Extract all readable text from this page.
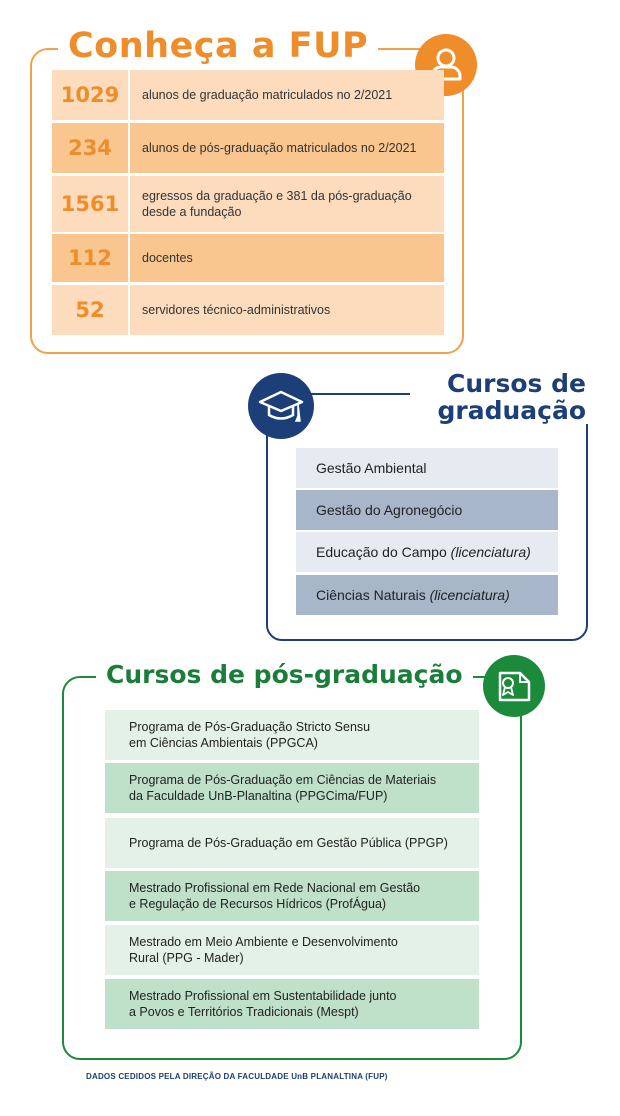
Conheça a FUP
1029	alunos de graduação matriculados no 2/2021
234	alunos de pós-graduação matriculados no 2/2021
1561	egressos da graduação e 381 da pós-graduação desde a fundação
112	docentes
52	servidores técnico-administrativos
Cursos de graduação
Gestão Ambiental
Gestão do Agronegócio
Educação do Campo
(licenciatura)
Ciências Naturais
(licenciatura)
Cursos de pós-graduação
Programa de Pós-Graduação Stricto Sensu
em Ciências Ambientais (PPGCA)
Programa de Pós-Graduação em Ciências de Materiais
da Faculdade UnB-Planaltina (PPGCima/FUP)
Programa de Pós-Graduação em Gestão Pública (PPGP)
Mestrado Profissional em Rede Nacional em Gestão
e Regulação de Recursos Hídricos (ProfÁgua)
Mestrado em Meio Ambiente e Desenvolvimento
Rural (PPG - Mader)
Mestrado Profissional em Sustentabilidade junto
a Povos e Territórios Tradicionais (Mespt)
DADOS CEDIDOS PELA DIREÇÃO DA FACULDADE UnB PLANALTINA (FUP)
